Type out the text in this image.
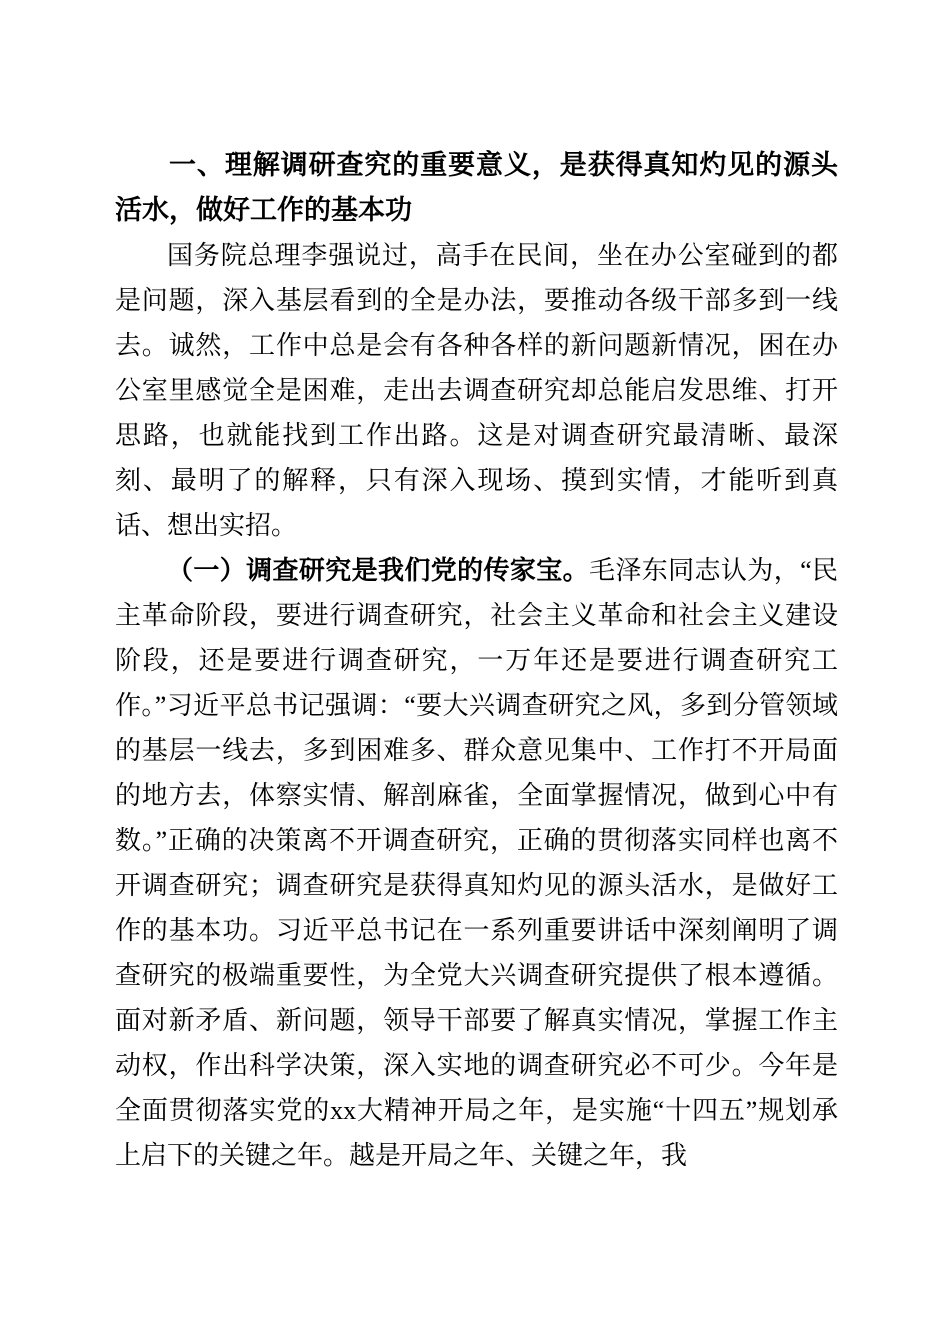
一、理解调研查究的重要意义，是获得真知灼见的源头活水，做好工作的基本功

国务院总理李强说过，高手在民间，坐在办公室碰到的都是问题，深入基层看到的全是办法，要推动各级干部多到一线去。诚然，工作中总是会有各种各样的新问题新情况，困在办公室里感觉全是困难，走出去调查研究却总能启发思维、打开思路，也就能找到工作出路。这是对调查研究最清晰、最深刻、最明了的解释，只有深入现场、摸到实情，才能听到真话、想出实招。

（一）调查研究是我们党的传家宝。毛泽东同志认为，“民主革命阶段，要进行调查研究，社会主义革命和社会主义建设阶段，还是要进行调查研究，一万年还是要进行调查研究工作。”习近平总书记强调：“要大兴调查研究之风，多到分管领域的基层一线去，多到困难多、群众意见集中、工作打不开局面的地方去，体察实情、解剖麻雀，全面掌握情况，做到心中有数。”正确的决策离不开调查研究，正确的贯彻落实同样也离不开调查研究；调查研究是获得真知灼见的源头活水，是做好工作的基本功。习近平总书记在一系列重要讲话中深刻阐明了调查研究的极端重要性，为全党大兴调查研究提供了根本遵循。面对新矛盾、新问题，领导干部要了解真实情况，掌握工作主动权，作出科学决策，深入实地的调查研究必不可少。今年是全面贯彻落实党的xx大精神开局之年，是实施“十四五”规划承上启下的关键之年。越是开局之年、关键之年，我
